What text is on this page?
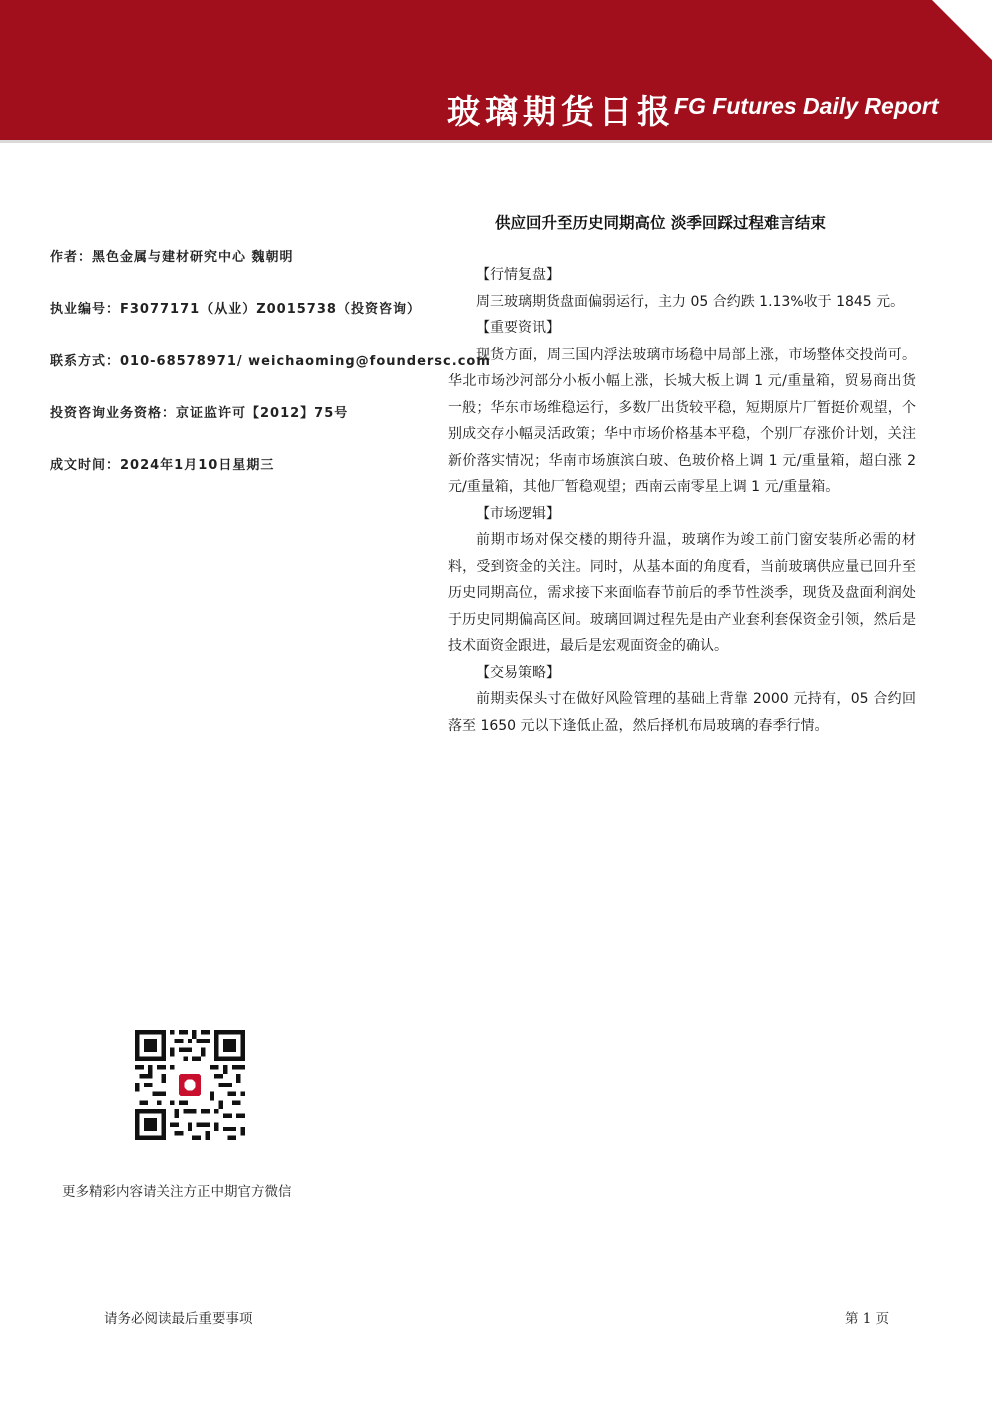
玻璃期货日报 FG Futures Daily Report
作者：黑色金属与建材研究中心 魏朝明
执业编号：F3077171（从业）Z0015738（投资咨询）
联系方式：010-68578971/ weichaoming@foundersc.com
投资咨询业务资格：京证监许可【2012】75号
成文时间：2024年1月10日星期三
供应回升至历史同期高位 淡季回踩过程难言结束
【行情复盘】

周三玻璃期货盘面偏弱运行，主力 05 合约跌 1.13%收于 1845 元。

【重要资讯】

现货方面，周三国内浮法玻璃市场稳中局部上涨，市场整体交投尚可。华北市场沙河部分小板小幅上涨，长城大板上调 1 元/重量箱，贸易商出货一般；华东市场维稳运行，多数厂出货较平稳，短期原片厂暂挺价观望，个别成交存小幅灵活政策；华中市场价格基本平稳，个别厂存涨价计划，关注新价落实情况；华南市场旗滨白玻、色玻价格上调 1 元/重量箱，超白涨 2 元/重量箱，其他厂暂稳观望；西南云南零星上调 1 元/重量箱。

【市场逻辑】

前期市场对保交楼的期待升温，玻璃作为竣工前门窗安装所必需的材料，受到资金的关注。同时，从基本面的角度看，当前玻璃供应量已回升至历史同期高位，需求接下来面临春节前后的季节性淡季，现货及盘面利润处于历史同期偏高区间。玻璃回调过程先是由产业套利套保资金引领，然后是技术面资金跟进，最后是宏观面资金的确认。

【交易策略】

前期卖保头寸在做好风险管理的基础上背靠 2000 元持有，05 合约回落至 1650 元以下逢低止盈，然后择机布局玻璃的春季行情。

更多精彩内容请关注方正中期官方微信
请务必阅读最后重要事项	第 1 页
